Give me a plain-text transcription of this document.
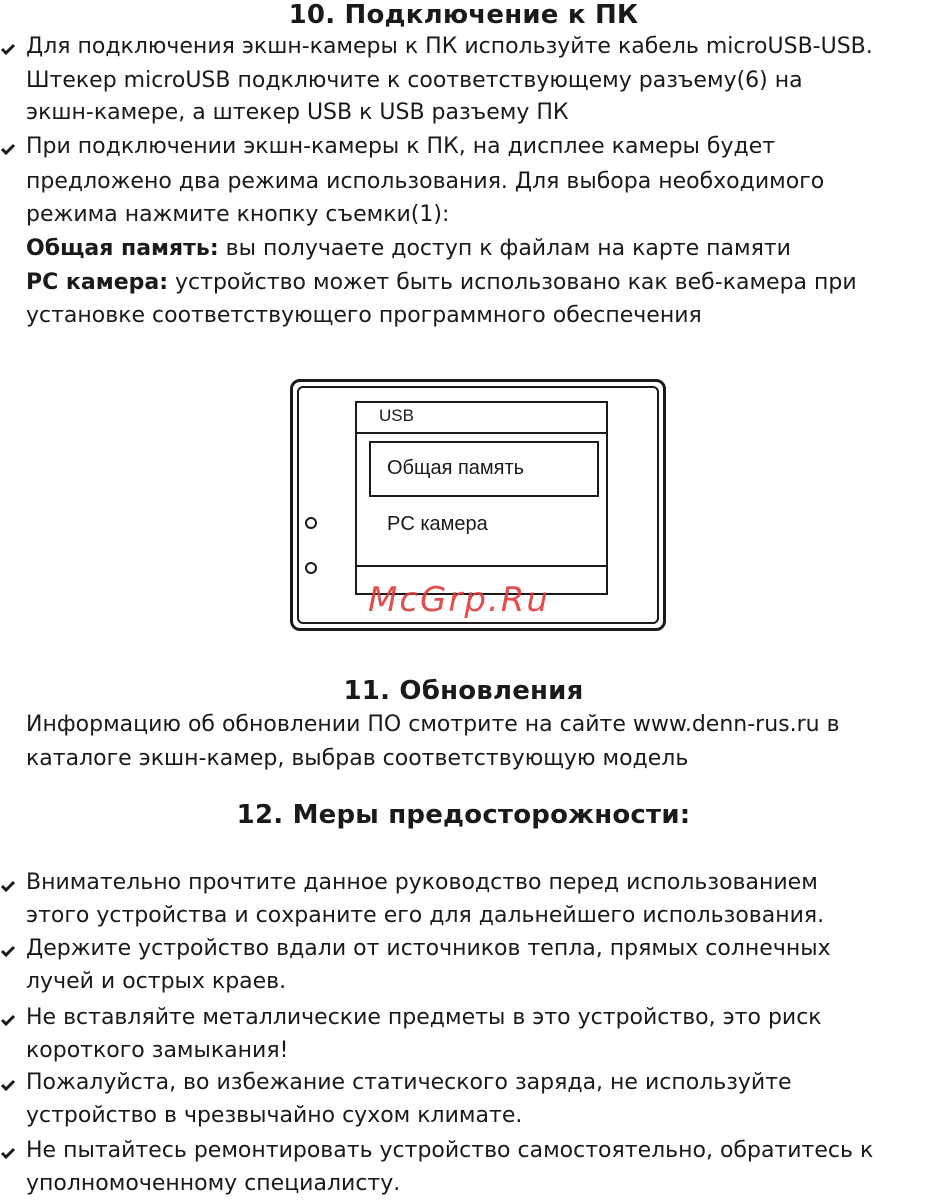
10. Подключение к ПК
Для подключения экшн-камеры к ПК используйте кабель microUSB-USB.
Штекер microUSB подключите к соответствующему разъему(6) на
экшн-камере, а штекер USB к USB разъему ПК
При подключении экшн-камеры к ПК, на дисплее камеры будет
предложено два режима использования. Для выбора необходимого
режима нажмите кнопку съемки(1):
Общая память: вы получаете доступ к файлам на карте памяти
PC камера: устройство может быть использовано как веб-камера при
установке соответствующего программного обеспечения
USB
Общая память
PC камера
McGrp.Ru
11. Обновления
Информацию об обновлении ПО смотрите на сайте www.denn-rus.ru в
каталоге экшн-камер, выбрав соответствующую модель
12. Меры предосторожности:
Внимательно прочтите данное руководство перед использованием
этого устройства и сохраните его для дальнейшего использования.
Держите устройство вдали от источников тепла, прямых солнечных
лучей и острых краев.
Не вставляйте металлические предметы в это устройство, это риск
короткого замыкания!
Пожалуйста, во избежание статического заряда, не используйте
устройство в чрезвычайно сухом климате.
Не пытайтесь ремонтировать устройство самостоятельно, обратитесь к
уполномоченному специалисту.
